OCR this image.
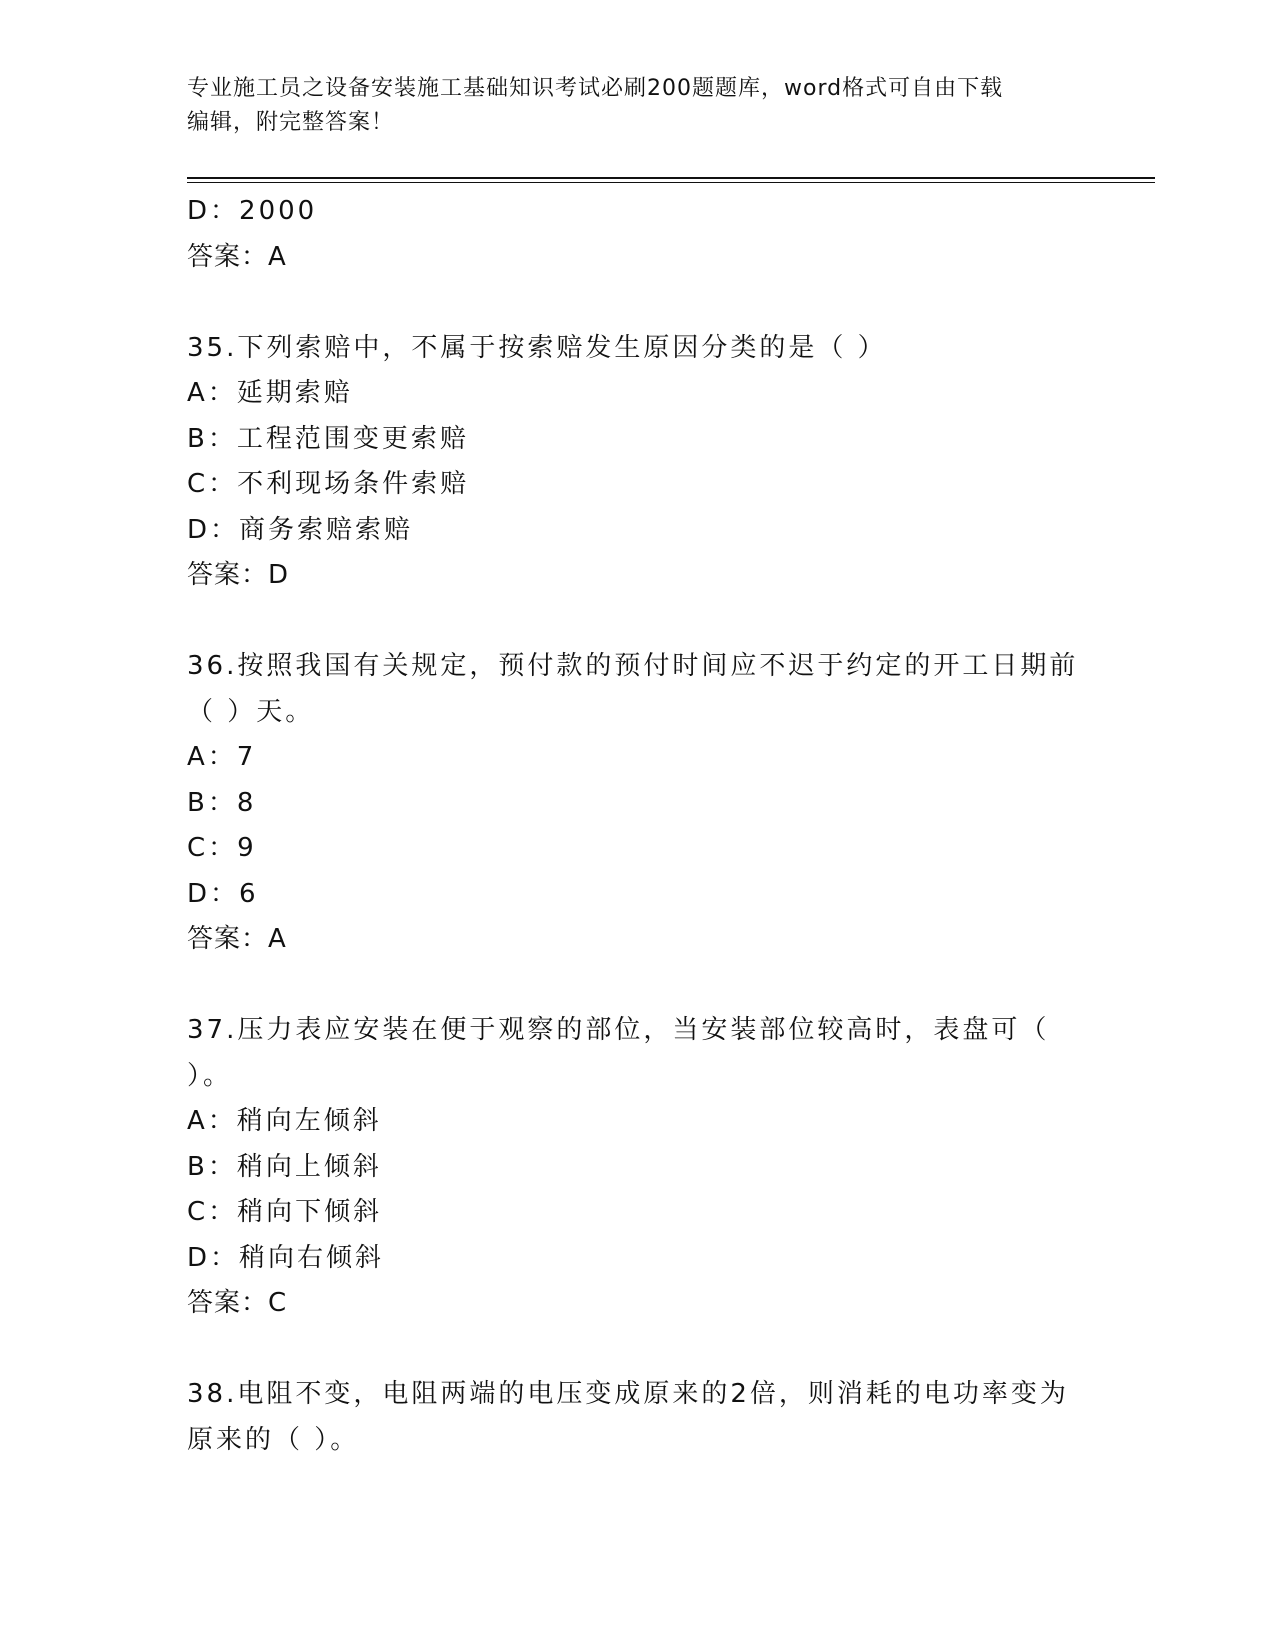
专业施工员之设备安装施工基础知识考试必刷200题题库，word格式可自由下载
编辑，附完整答案！
D：2000
答案：A
35.下列索赔中，不属于按索赔发生原因分类的是（ ）
A：延期索赔
B：工程范围变更索赔
C：不利现场条件索赔
D：商务索赔索赔
答案：D
36.按照我国有关规定，预付款的预付时间应不迟于约定的开工日期前
（ ）天。
A：7
B：8
C：9
D：6
答案：A
37.压力表应安装在便于观察的部位，当安装部位较高时，表盘可（
）。
A：稍向左倾斜
B：稍向上倾斜
C：稍向下倾斜
D：稍向右倾斜
答案：C
38.电阻不变，电阻两端的电压变成原来的2倍，则消耗的电功率变为
原来的（ ）。
